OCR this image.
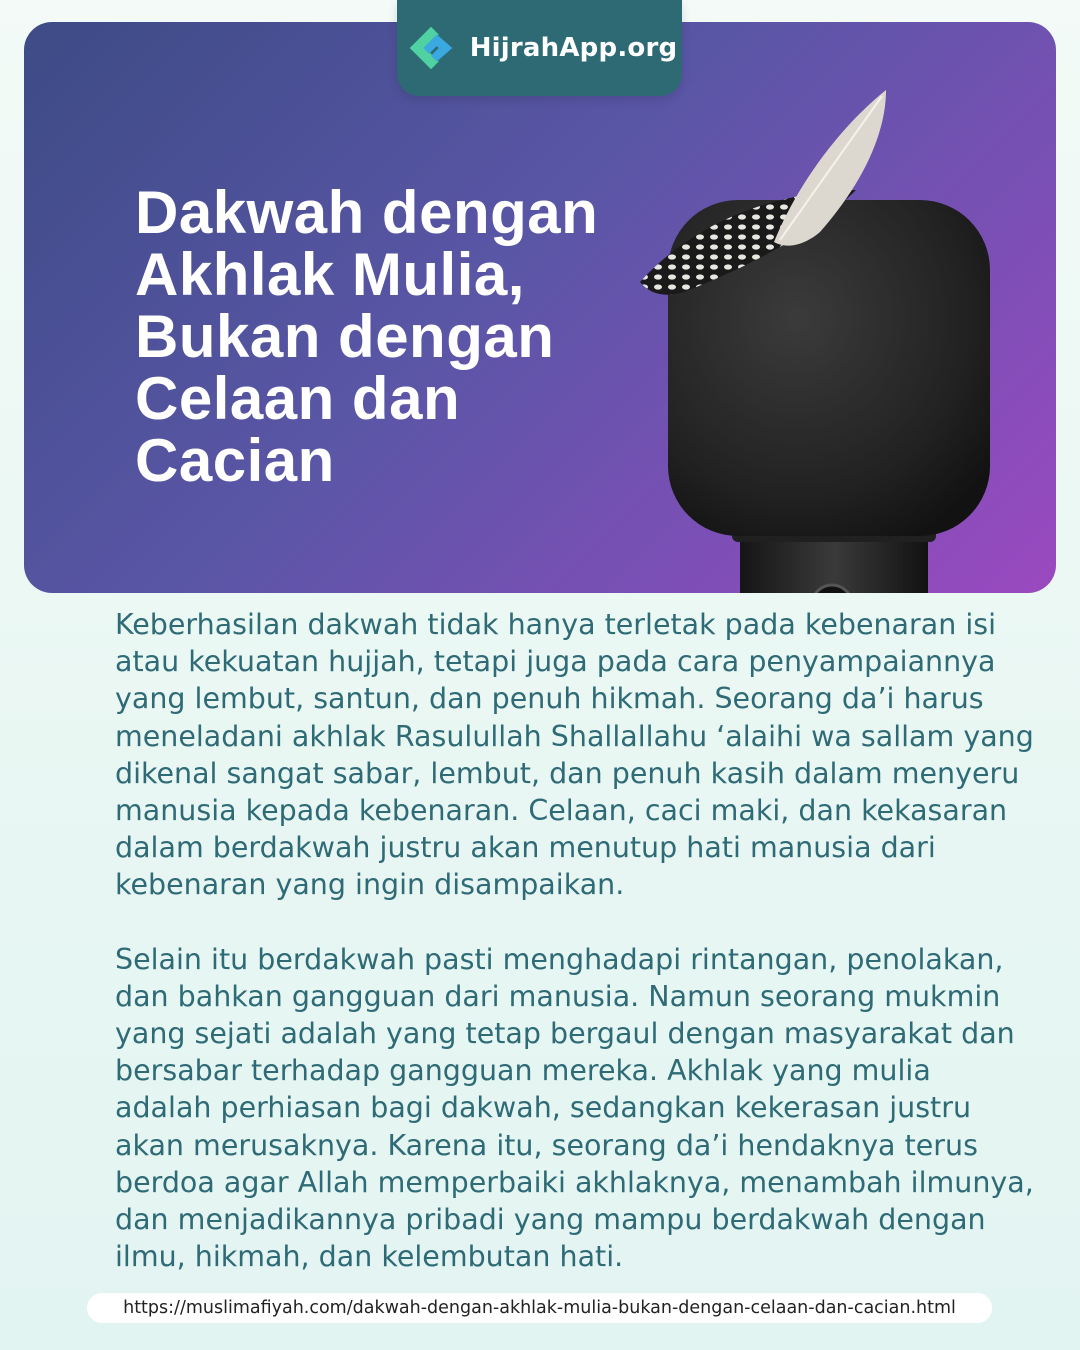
Dakwah dengan Akhlak Mulia, Bukan dengan Celaan dan Cacian
HijrahApp.org

Keberhasilan dakwah tidak hanya terletak pada kebenaran isi atau kekuatan hujjah, tetapi juga pada cara penyampaiannya yang lembut, santun, dan penuh hikmah. Seorang da’i harus meneladani akhlak Rasulullah Shallallahu ‘alaihi wa sallam yang dikenal sangat sabar, lembut, dan penuh kasih dalam menyeru manusia kepada kebenaran. Celaan, caci maki, dan kekasaran dalam berdakwah justru akan menutup hati manusia dari kebenaran yang ingin disampaikan.

Selain itu berdakwah pasti menghadapi rintangan, penolakan, dan bahkan gangguan dari manusia. Namun seorang mukmin yang sejati adalah yang tetap bergaul dengan masyarakat dan bersabar terhadap gangguan mereka. Akhlak yang mulia adalah perhiasan bagi dakwah, sedangkan kekerasan justru akan merusaknya. Karena itu, seorang da’i hendaknya terus berdoa agar Allah memperbaiki akhlaknya, menambah ilmunya, dan menjadikannya pribadi yang mampu berdakwah dengan ilmu, hikmah, dan kelembutan hati.

https://muslimafiyah.com/dakwah-dengan-akhlak-mulia-bukan-dengan-celaan-dan-cacian.html
